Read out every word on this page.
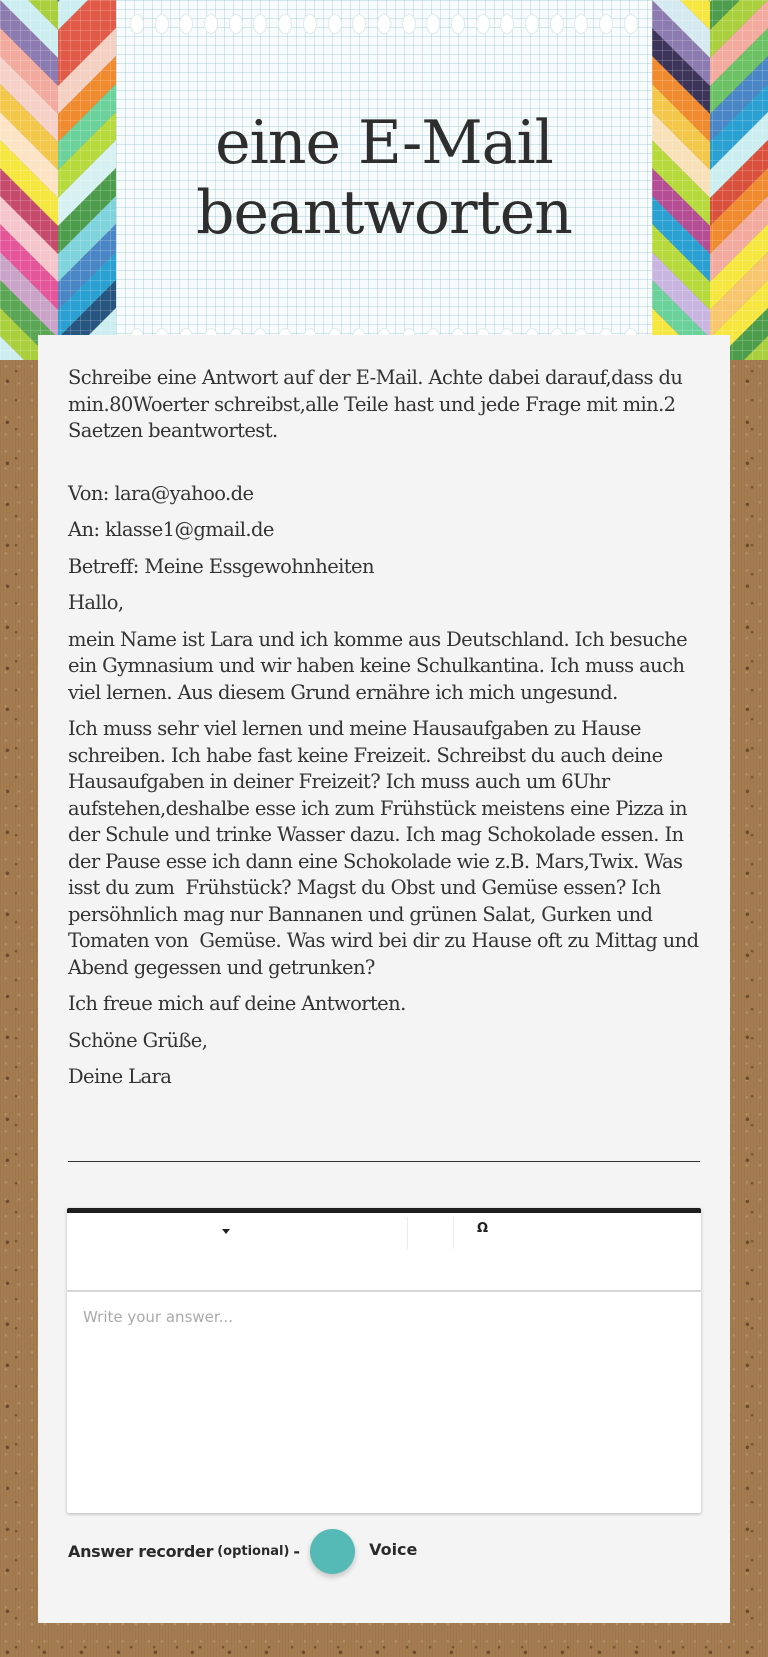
eine E-Mail
beantworten

Schreibe eine Antwort auf der E-Mail. Achte dabei darauf,dass du min.80Woerter schreibst,alle Teile hast und jede Frage mit min.2 Saetzen beantwortest.

Von: lara@yahoo.de

An: klasse1@gmail.de

Betreff: Meine Essgewohnheiten

Hallo,

mein Name ist Lara und ich komme aus Deutschland. Ich besuche ein Gymnasium und wir haben keine Schulkantina. Ich muss auch viel lernen. Aus diesem Grund ernähre ich mich ungesund.

Ich muss sehr viel lernen und meine Hausaufgaben zu Hause schreiben. Ich habe fast keine Freizeit. Schreibst du auch deine Hausaufgaben in deiner Freizeit? Ich muss auch um 6Uhr aufstehen,deshalbe esse ich zum Frühstück meistens eine Pizza in der Schule und trinke Wasser dazu. Ich mag Schokolade essen. In der Pause esse ich dann eine Schokolade wie z.B. Mars,Twix. Was isst du zum  Frühstück? Magst du Obst und Gemüse essen? Ich persöhnlich mag nur Bannanen und grünen Salat, Gurken und Tomaten von  Gemüse. Was wird bei dir zu Hause oft zu Mittag und Abend gegessen und getrunken?

Ich freue mich auf deine Antworten.

Schöne Grüße,

Deine Lara

Ω
Write your answer...
Answer recorder (optional) -	Voice
